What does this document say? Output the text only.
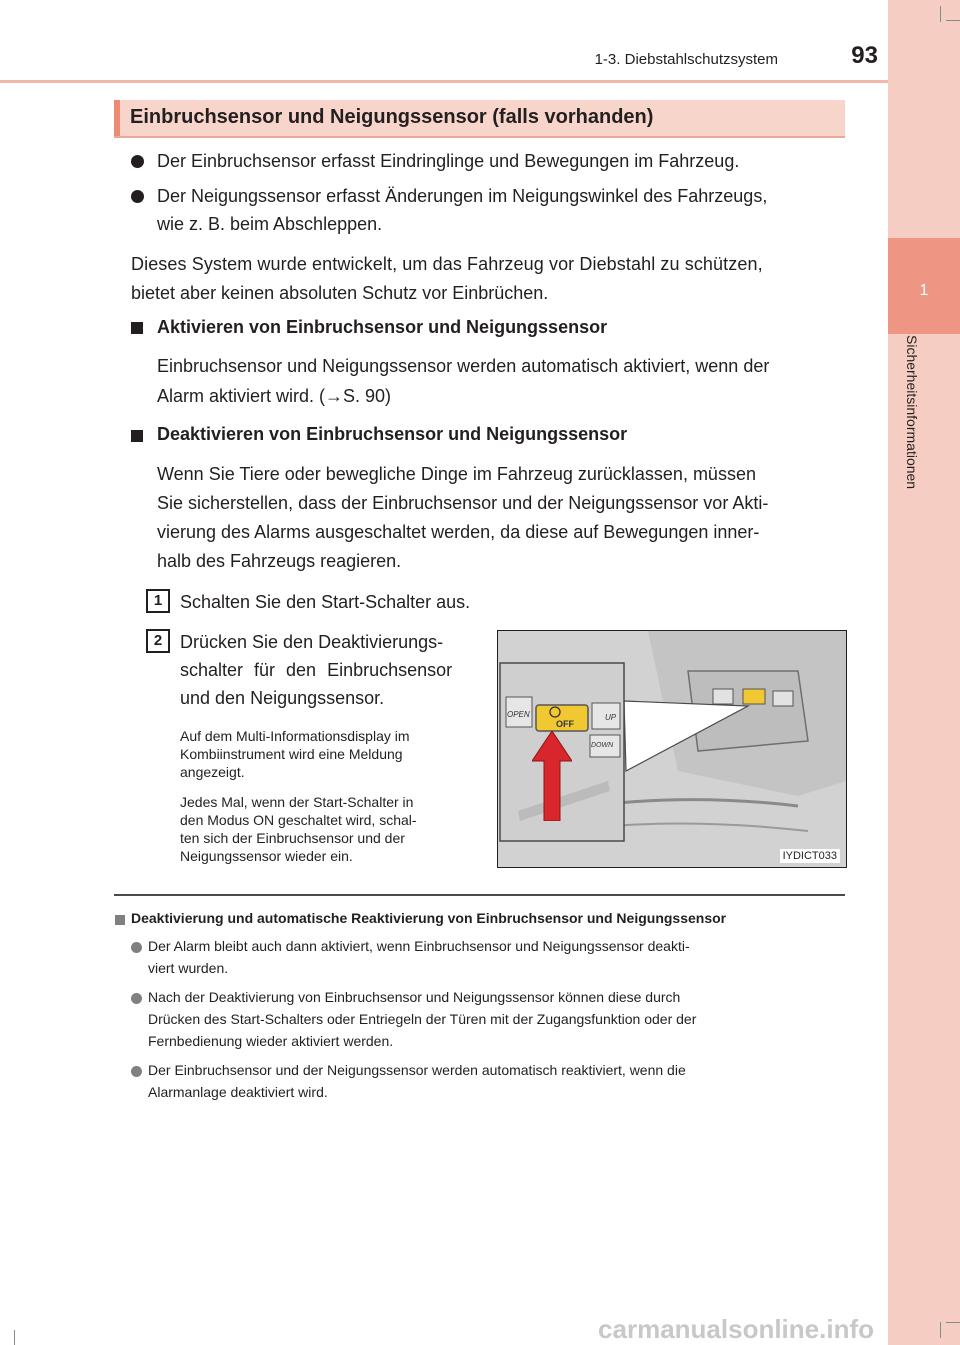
1
Sicherheitsinformationen
1-3. Diebstahlschutzsystem	93
Einbruchsensor und Neigungssensor (falls vorhanden)
Der Einbruchsensor erfasst Eindringlinge und Bewegungen im Fahrzeug.
Der Neigungssensor erfasst Änderungen im Neigungswinkel des Fahrzeugs,
wie z. B. beim Abschleppen.
Dieses System wurde entwickelt, um das Fahrzeug vor Diebstahl zu schützen,
bietet aber keinen absoluten Schutz vor Einbrüchen.
Aktivieren von Einbruchsensor und Neigungssensor
Einbruchsensor und Neigungssensor werden automatisch aktiviert, wenn der
Alarm aktiviert wird. (→S. 90)
Deaktivieren von Einbruchsensor und Neigungssensor
Wenn Sie Tiere oder bewegliche Dinge im Fahrzeug zurücklassen, müssen
Sie sicherstellen, dass der Einbruchsensor und der Neigungssensor vor Akti-
vierung des Alarms ausgeschaltet werden, da diese auf Bewegungen inner-
halb des Fahrzeugs reagieren.
1 Schalten Sie den Start-Schalter aus.
2 Drücken Sie den Deaktivierungs-
schalter für den Einbruchsensor
und den Neigungssensor.
Auf dem Multi-Informationsdisplay im
Kombiinstrument wird eine Meldung
angezeigt.
Jedes Mal, wenn der Start-Schalter in
den Modus ON geschaltet wird, schal-
ten sich der Einbruchsensor und der
Neigungssensor wieder ein.
OPEN	UP
DOWN
OFF
IYDICT033
Deaktivierung und automatische Reaktivierung von Einbruchsensor und Neigungssensor
Der Alarm bleibt auch dann aktiviert, wenn Einbruchsensor und Neigungssensor deakti-
viert wurden.
Nach der Deaktivierung von Einbruchsensor und Neigungssensor können diese durch
Drücken des Start-Schalters oder Entriegeln der Türen mit der Zugangsfunktion oder der
Fernbedienung wieder aktiviert werden.
Der Einbruchsensor und der Neigungssensor werden automatisch reaktiviert, wenn die
Alarmanlage deaktiviert wird.
carmanualsonline.info
